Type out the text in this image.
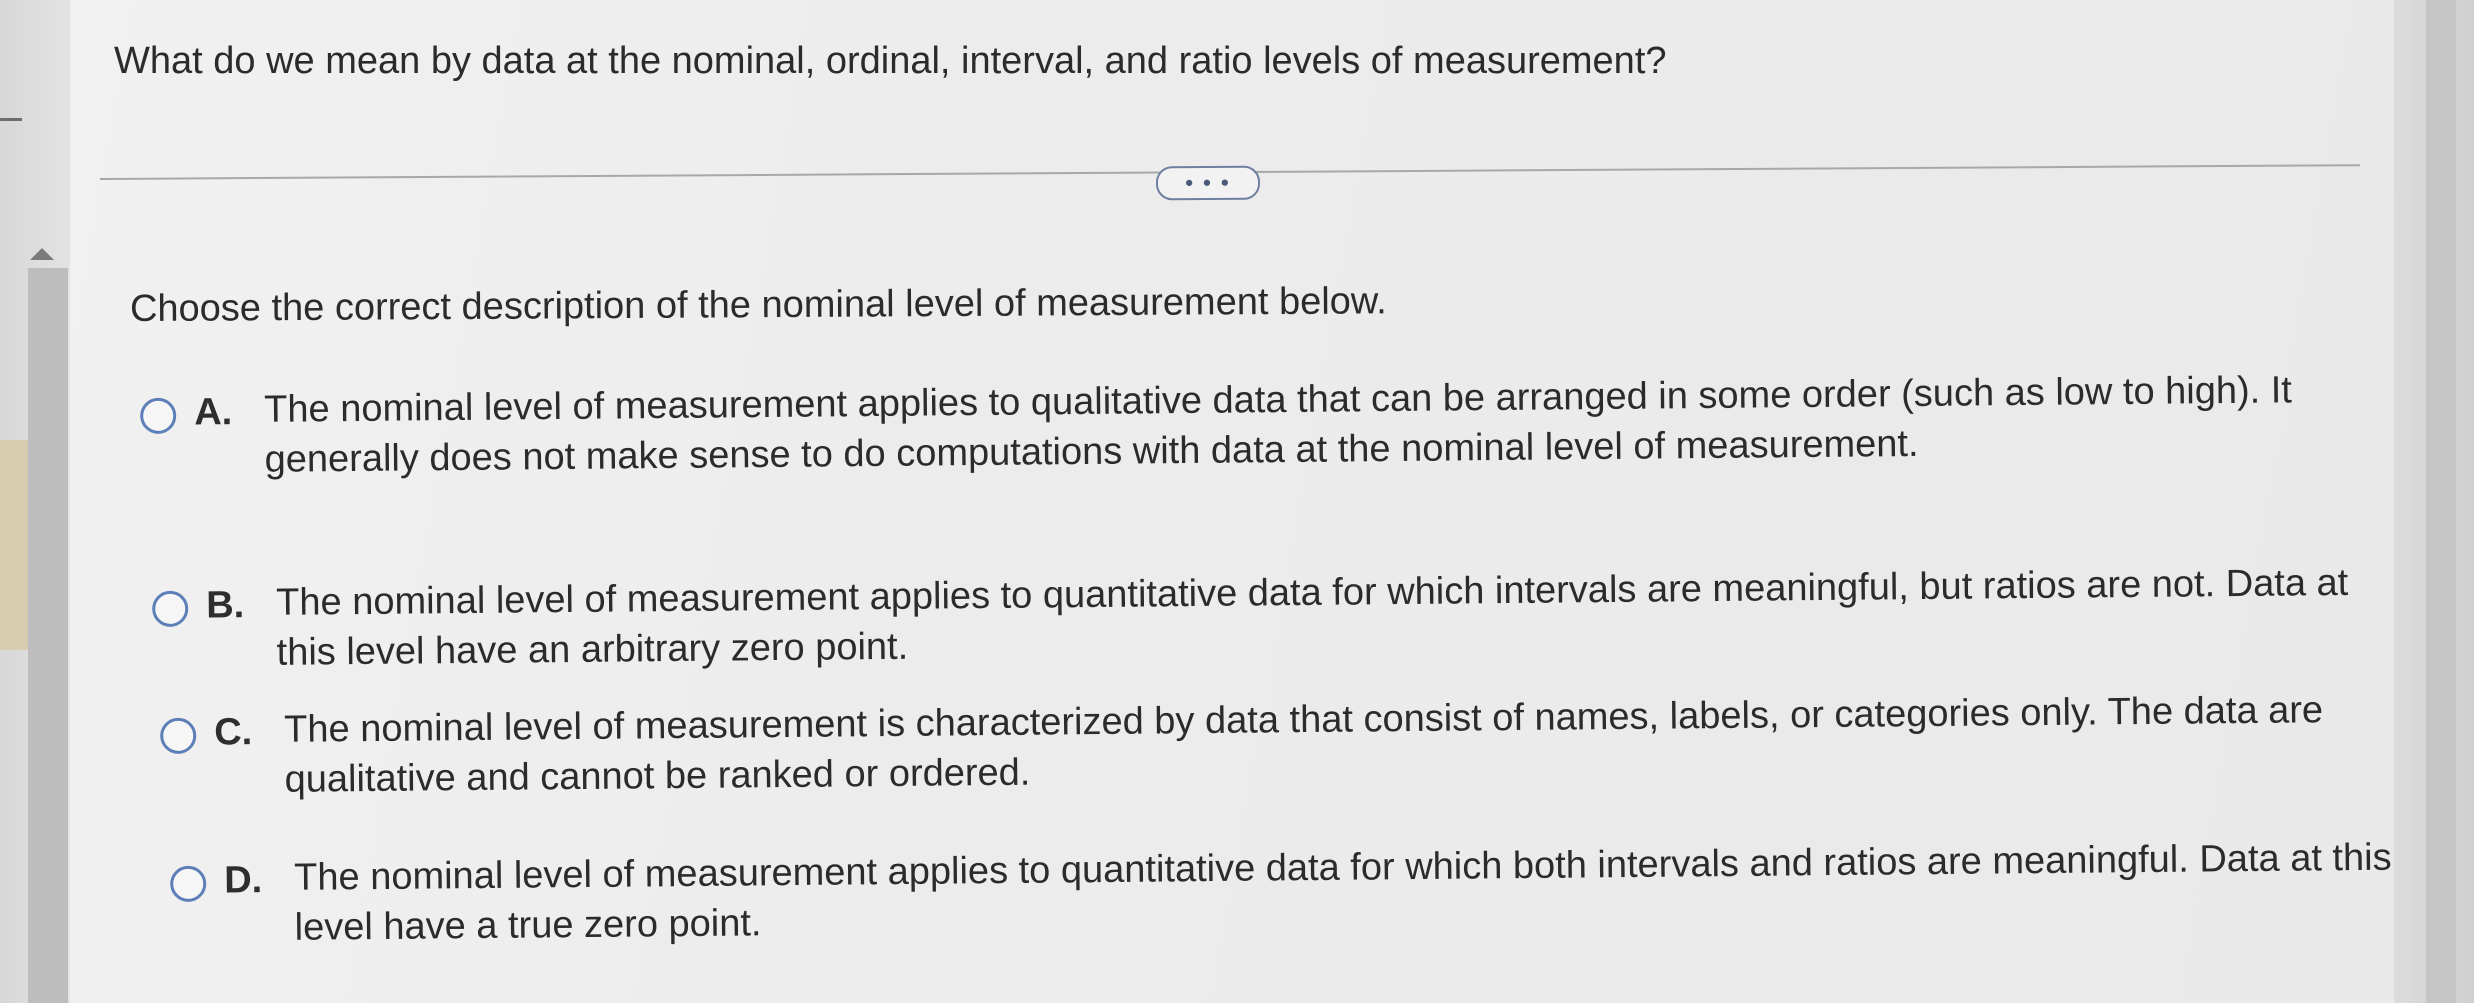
What do we mean by data at the nominal, ordinal, interval, and ratio levels of measurement?
• • •

Choose the correct description of the nominal level of measurement below.

A. The nominal level of measurement applies to qualitative data that can be arranged in some order (such as low to high). It generally does not make sense to do computations with data at the nominal level of measurement.
B. The nominal level of measurement applies to quantitative data for which intervals are meaningful, but ratios are not. Data at this level have an arbitrary zero point.
C. The nominal level of measurement is characterized by data that consist of names, labels, or categories only. The data are qualitative and cannot be ranked or ordered.
D. The nominal level of measurement applies to quantitative data for which both intervals and ratios are meaningful. Data at this level have a true zero point.
